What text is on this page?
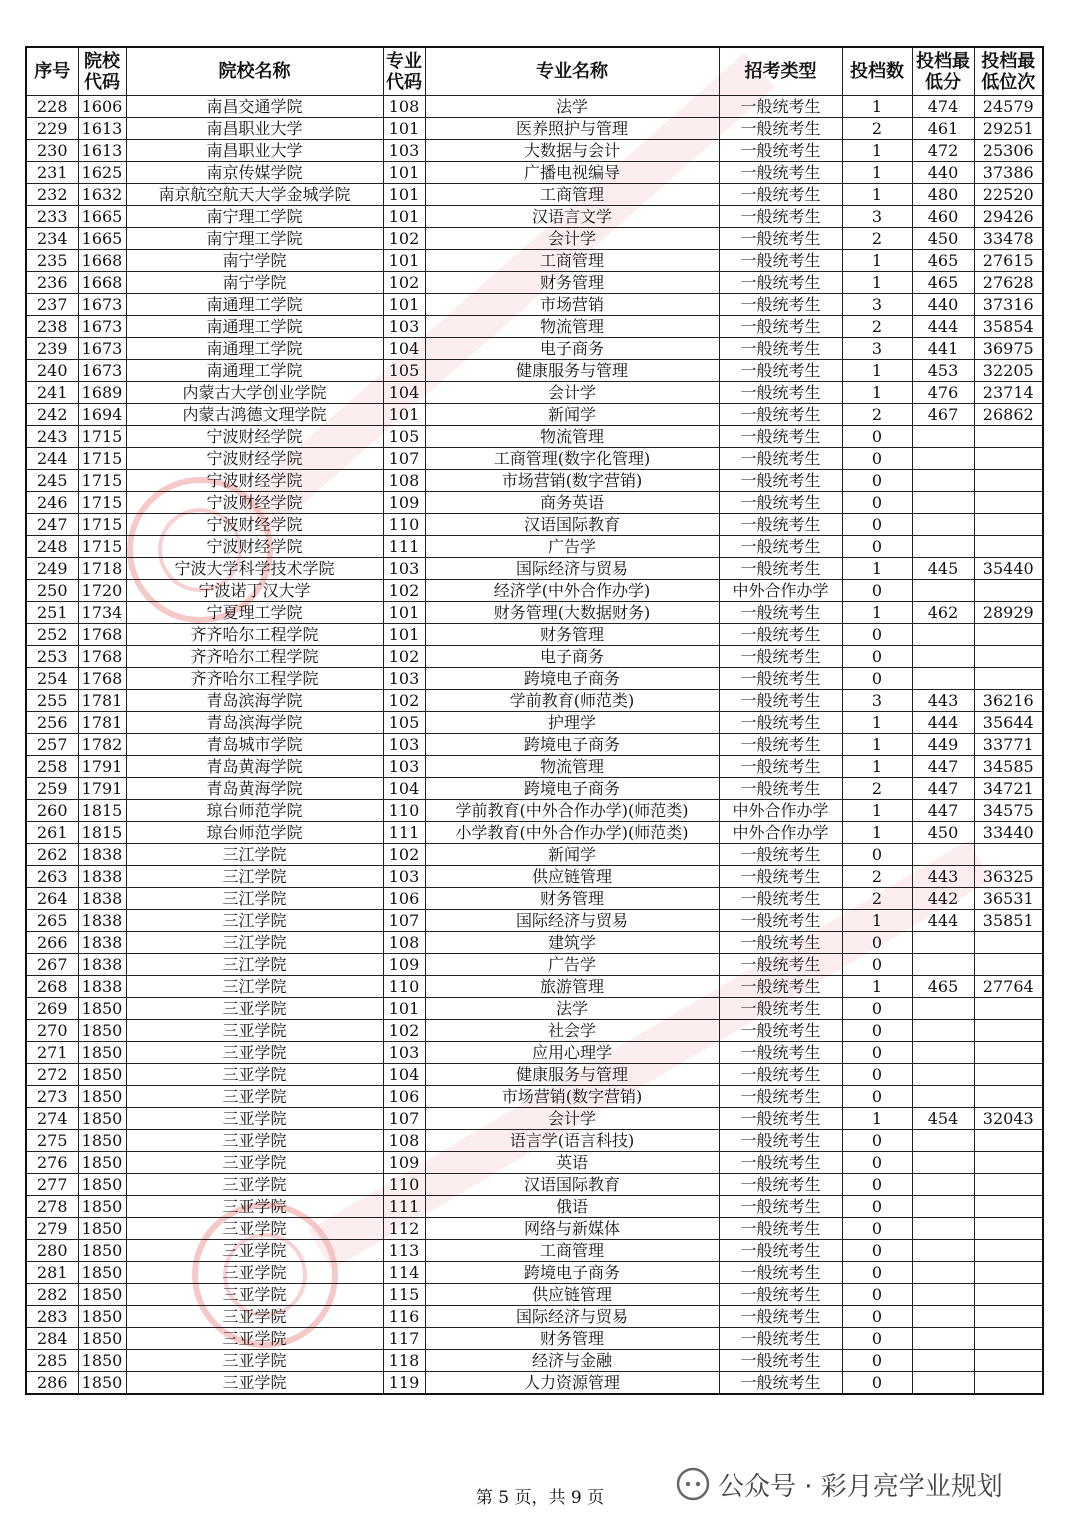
序号	院校代码	院校名称	专业代码	专业名称	招考类型	投档数	投档最低分	投档最低位次
228	1606	南昌交通学院	108	法学	一般统考生	1	474	24579
229	1613	南昌职业大学	101	医养照护与管理	一般统考生	2	461	29251
230	1613	南昌职业大学	103	大数据与会计	一般统考生	1	472	25306
231	1625	南京传媒学院	101	广播电视编导	一般统考生	1	440	37386
232	1632	南京航空航天大学金城学院	101	工商管理	一般统考生	1	480	22520
233	1665	南宁理工学院	101	汉语言文学	一般统考生	3	460	29426
234	1665	南宁理工学院	102	会计学	一般统考生	2	450	33478
235	1668	南宁学院	101	工商管理	一般统考生	1	465	27615
236	1668	南宁学院	102	财务管理	一般统考生	1	465	27628
237	1673	南通理工学院	101	市场营销	一般统考生	3	440	37316
238	1673	南通理工学院	103	物流管理	一般统考生	2	444	35854
239	1673	南通理工学院	104	电子商务	一般统考生	3	441	36975
240	1673	南通理工学院	105	健康服务与管理	一般统考生	1	453	32205
241	1689	内蒙古大学创业学院	104	会计学	一般统考生	1	476	23714
242	1694	内蒙古鸿德文理学院	101	新闻学	一般统考生	2	467	26862
243	1715	宁波财经学院	105	物流管理	一般统考生	0		
244	1715	宁波财经学院	107	工商管理(数字化管理)	一般统考生	0		
245	1715	宁波财经学院	108	市场营销(数字营销)	一般统考生	0		
246	1715	宁波财经学院	109	商务英语	一般统考生	0		
247	1715	宁波财经学院	110	汉语国际教育	一般统考生	0		
248	1715	宁波财经学院	111	广告学	一般统考生	0		
249	1718	宁波大学科学技术学院	103	国际经济与贸易	一般统考生	1	445	35440
250	1720	宁波诺丁汉大学	102	经济学(中外合作办学)	中外合作办学	0		
251	1734	宁夏理工学院	101	财务管理(大数据财务)	一般统考生	1	462	28929
252	1768	齐齐哈尔工程学院	101	财务管理	一般统考生	0		
253	1768	齐齐哈尔工程学院	102	电子商务	一般统考生	0		
254	1768	齐齐哈尔工程学院	103	跨境电子商务	一般统考生	0		
255	1781	青岛滨海学院	102	学前教育(师范类)	一般统考生	3	443	36216
256	1781	青岛滨海学院	105	护理学	一般统考生	1	444	35644
257	1782	青岛城市学院	103	跨境电子商务	一般统考生	1	449	33771
258	1791	青岛黄海学院	103	物流管理	一般统考生	1	447	34585
259	1791	青岛黄海学院	104	跨境电子商务	一般统考生	2	447	34721
260	1815	琼台师范学院	110	学前教育(中外合作办学)(师范类)	中外合作办学	1	447	34575
261	1815	琼台师范学院	111	小学教育(中外合作办学)(师范类)	中外合作办学	1	450	33440
262	1838	三江学院	102	新闻学	一般统考生	0		
263	1838	三江学院	103	供应链管理	一般统考生	2	443	36325
264	1838	三江学院	106	财务管理	一般统考生	2	442	36531
265	1838	三江学院	107	国际经济与贸易	一般统考生	1	444	35851
266	1838	三江学院	108	建筑学	一般统考生	0		
267	1838	三江学院	109	广告学	一般统考生	0		
268	1838	三江学院	110	旅游管理	一般统考生	1	465	27764
269	1850	三亚学院	101	法学	一般统考生	0		
270	1850	三亚学院	102	社会学	一般统考生	0		
271	1850	三亚学院	103	应用心理学	一般统考生	0		
272	1850	三亚学院	104	健康服务与管理	一般统考生	0		
273	1850	三亚学院	106	市场营销(数字营销)	一般统考生	0		
274	1850	三亚学院	107	会计学	一般统考生	1	454	32043
275	1850	三亚学院	108	语言学(语言科技)	一般统考生	0		
276	1850	三亚学院	109	英语	一般统考生	0		
277	1850	三亚学院	110	汉语国际教育	一般统考生	0		
278	1850	三亚学院	111	俄语	一般统考生	0		
279	1850	三亚学院	112	网络与新媒体	一般统考生	0		
280	1850	三亚学院	113	工商管理	一般统考生	0		
281	1850	三亚学院	114	跨境电子商务	一般统考生	0		
282	1850	三亚学院	115	供应链管理	一般统考生	0		
283	1850	三亚学院	116	国际经济与贸易	一般统考生	0		
284	1850	三亚学院	117	财务管理	一般统考生	0		
285	1850	三亚学院	118	经济与金融	一般统考生	0		
286	1850	三亚学院	119	人力资源管理	一般统考生	0		
第 5 页，共 9 页	公众号 · 彩月亮学业规划
